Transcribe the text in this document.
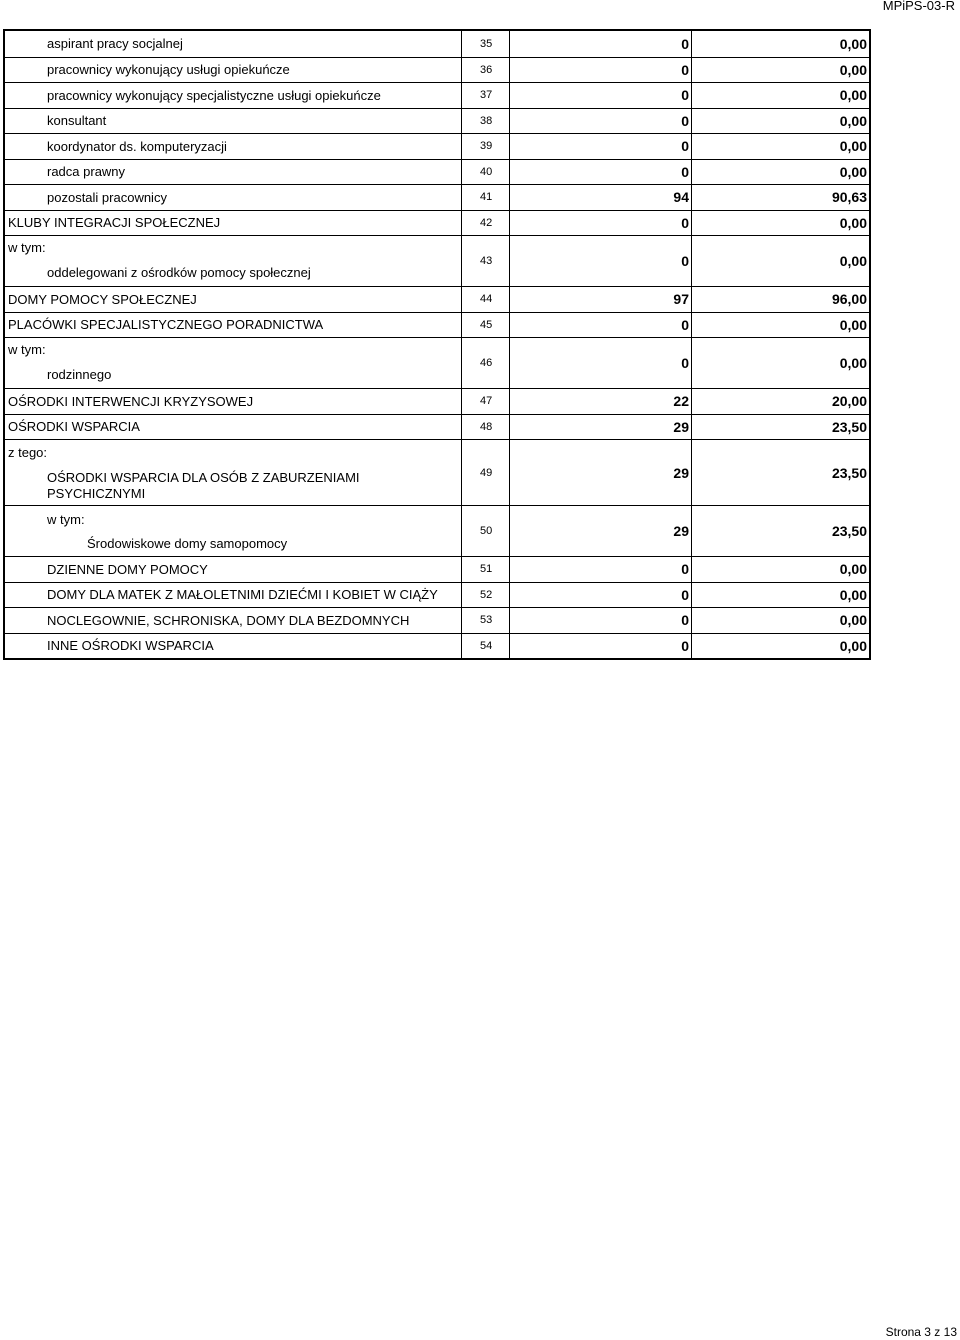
MPiPS-03-R
aspirant pracy socjalnej	35	0	0,00
pracownicy wykonujący usługi opiekuńcze	36	0	0,00
pracownicy wykonujący specjalistyczne usługi opiekuńcze	37	0	0,00
konsultant	38	0	0,00
koordynator ds. komputeryzacji	39	0	0,00
radca prawny	40	0	0,00
pozostali pracownicy	41	94	90,63
KLUBY INTEGRACJI SPOŁECZNEJ	42	0	0,00
w tym:
oddelegowani z ośrodków pomocy społecznej
43	0	0,00
DOMY POMOCY SPOŁECZNEJ	44	97	96,00
PLACÓWKI SPECJALISTYCZNEGO PORADNICTWA	45	0	0,00
w tym:
rodzinnego
46	0	0,00
OŚRODKI INTERWENCJI KRYZYSOWEJ	47	22	20,00
OŚRODKI WSPARCIA	48	29	23,50
z tego:
OŚRODKI WSPARCIA DLA OSÓB Z ZABURZENIAMI
PSYCHICZNYMI
49	29	23,50
w tym:
Środowiskowe domy samopomocy
50	29	23,50
DZIENNE DOMY POMOCY	51	0	0,00
DOMY DLA MATEK Z MAŁOLETNIMI DZIEĆMI I KOBIET W CIĄŻY	52	0	0,00
NOCLEGOWNIE, SCHRONISKA, DOMY DLA BEZDOMNYCH	53	0	0,00
INNE OŚRODKI WSPARCIA	54	0	0,00
Strona 3 z 13
